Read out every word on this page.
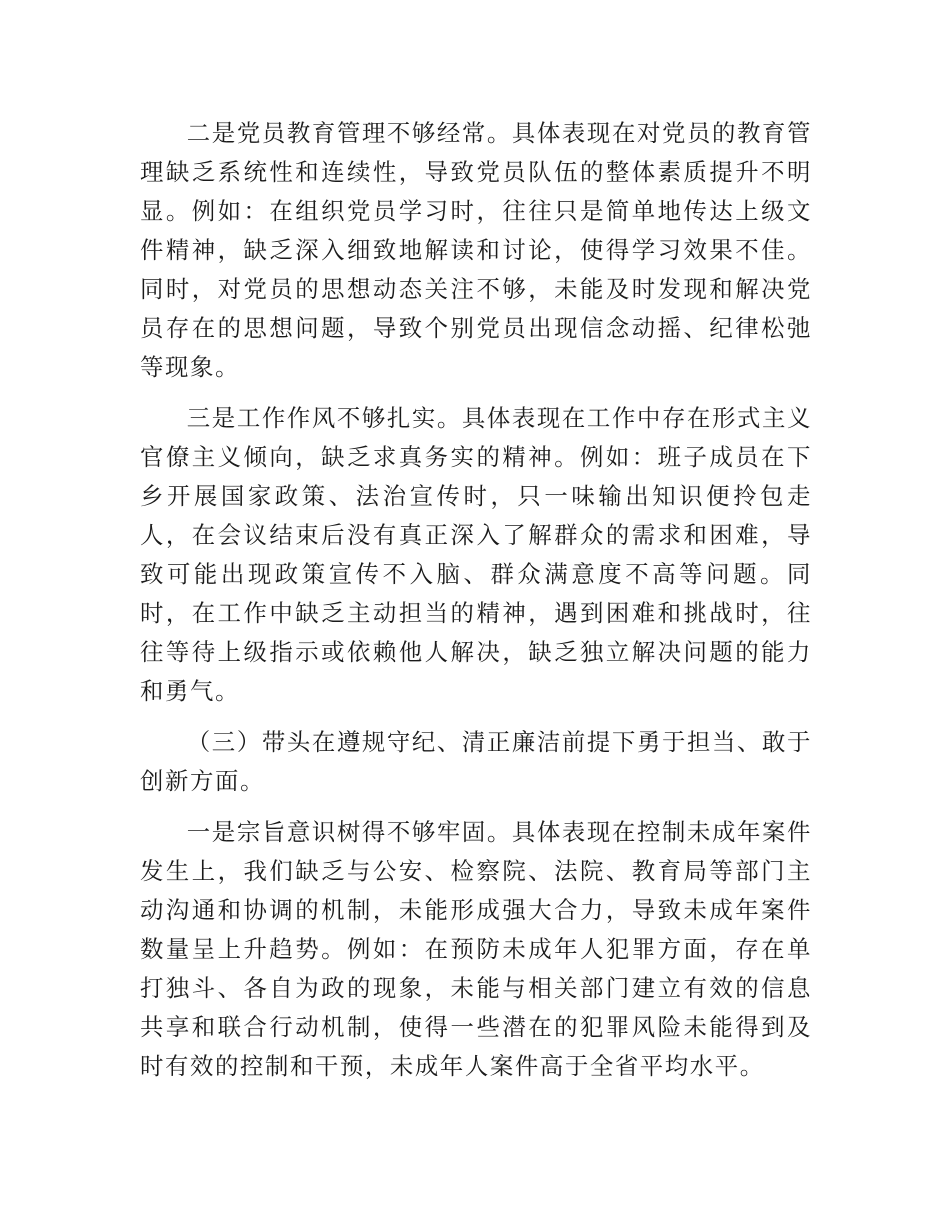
二是党员教育管理不够经常。具体表现在对党员的教育管理缺乏系统性和连续性，导致党员队伍的整体素质提升不明显。例如：在组织党员学习时，往往只是简单地传达上级文件精神，缺乏深入细致地解读和讨论，使得学习效果不佳。同时，对党员的思想动态关注不够，未能及时发现和解决党员存在的思想问题，导致个别党员出现信念动摇、纪律松弛等现象。

三是工作作风不够扎实。具体表现在工作中存在形式主义官僚主义倾向，缺乏求真务实的精神。例如：班子成员在下乡开展国家政策、法治宣传时，只一味输出知识便拎包走人，在会议结束后没有真正深入了解群众的需求和困难，导致可能出现政策宣传不入脑、群众满意度不高等问题。同时，在工作中缺乏主动担当的精神，遇到困难和挑战时，往往等待上级指示或依赖他人解决，缺乏独立解决问题的能力和勇气。

（三）带头在遵规守纪、清正廉洁前提下勇于担当、敢于创新方面。

一是宗旨意识树得不够牢固。具体表现在控制未成年案件发生上，我们缺乏与公安、检察院、法院、教育局等部门主动沟通和协调的机制，未能形成强大合力，导致未成年案件数量呈上升趋势。例如：在预防未成年人犯罪方面，存在单打独斗、各自为政的现象，未能与相关部门建立有效的信息共享和联合行动机制，使得一些潜在的犯罪风险未能得到及时有效的控制和干预，未成年人案件高于全省平均水平。
